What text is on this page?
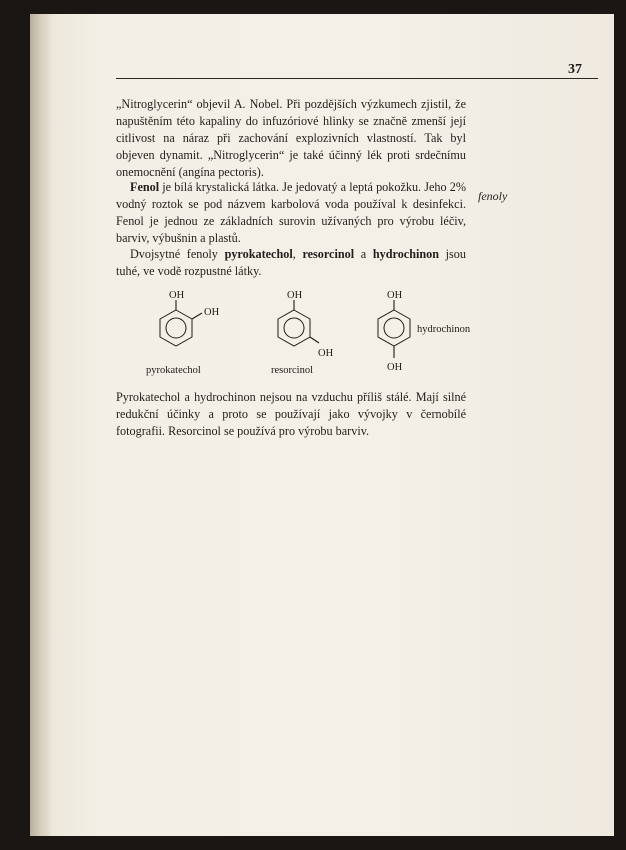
37

„Nitroglycerin“ objevil A. Nobel. Při pozdějších výzkumech zjistil, že napuštěním této kapaliny do infuzóriové hlinky se značně zmenší její citlivost na náraz při zachování explozivních vlastností. Tak byl objeven dynamit. „Nitroglycerin“ je také účinný lék proti srdečnímu onemocnění (angína pectoris).

Fenol je bílá krystalická látka. Je jedovatý a leptá pokožku. Jeho 2% vodný roztok se pod názvem karbolová voda používal k desinfekci. Fenol je jednou ze základních surovin užívaných pro výrobu léčiv, barviv, výbušnin a plastů.

fenoly

Dvojsytné fenoly pyrokatechol, resorcinol a hydrochinon jsou tuhé, ve vodě rozpustné látky.

OH
OH
pyrokatechol
OH
OH
resorcinol
OH
OH
hydrochinon

Pyrokatechol a hydrochinon nejsou na vzduchu příliš stálé. Mají silné redukční účinky a proto se používají jako vývojky v černobílé fotografii. Resorcinol se používá pro výrobu barviv.
